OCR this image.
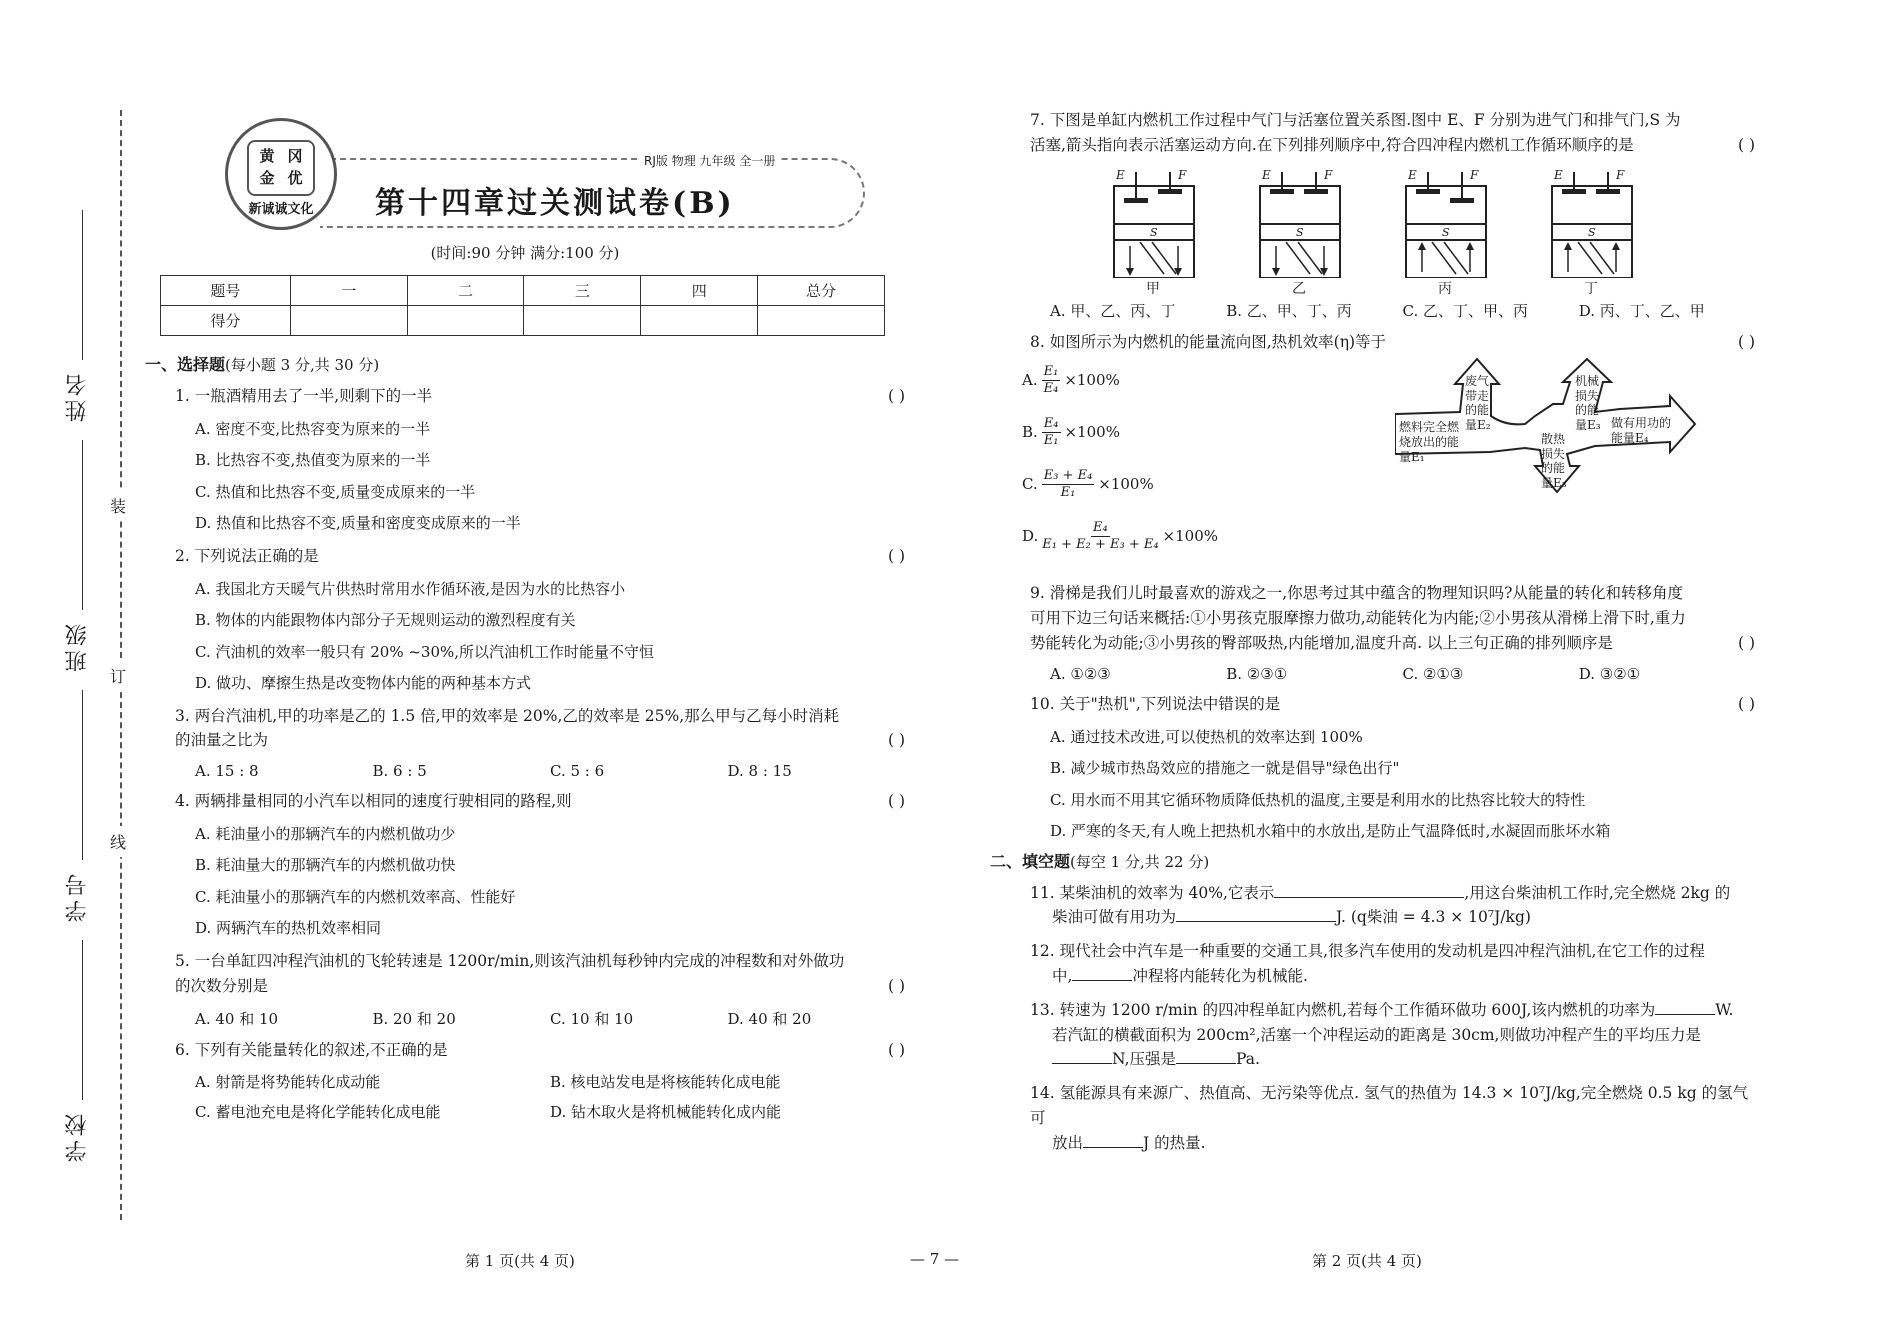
姓名
班级
学号
学校
装
订
线
黄 冈
金 优
新诚诚文化
RJ版 物理 九年级 全一册
第十四章过关测试卷(B)
(时间:90 分钟 满分:100 分)
题号	一	二	三	四	总分
得分					
一、选择题(每小题 3 分,共 30 分)
1. 一瓶酒精用去了一半,则剩下的一半	( )
A. 密度不变,比热容变为原来的一半
B. 比热容不变,热值变为原来的一半
C. 热值和比热容不变,质量变成原来的一半
D. 热值和比热容不变,质量和密度变成原来的一半
2. 下列说法正确的是	( )
A. 我国北方天暖气片供热时常用水作循环液,是因为水的比热容小
B. 物体的内能跟物体内部分子无规则运动的激烈程度有关
C. 汽油机的效率一般只有 20% ~30%,所以汽油机工作时能量不守恒
D. 做功、摩擦生热是改变物体内能的两种基本方式
3. 两台汽油机,甲的功率是乙的 1.5 倍,甲的效率是 20%,乙的效率是 25%,那么甲与乙每小时消耗的油量之比为	( )
A. 15 : 8	B. 6 : 5	C. 5 : 6	D. 8 : 15
4. 两辆排量相同的小汽车以相同的速度行驶相同的路程,则	( )
A. 耗油量小的那辆汽车的内燃机做功少
B. 耗油量大的那辆汽车的内燃机做功快
C. 耗油量小的那辆汽车的内燃机效率高、性能好
D. 两辆汽车的热机效率相同
5. 一台单缸四冲程汽油机的飞轮转速是 1200r/min,则该汽油机每秒钟内完成的冲程数和对外做功的次数分别是	( )
A. 40 和 10	B. 20 和 20	C. 10 和 10	D. 40 和 20
6. 下列有关能量转化的叙述,不正确的是	( )
A. 射箭是将势能转化成动能	B. 核电站发电是将核能转化成电能
C. 蓄电池充电是将化学能转化成电能	D. 钻木取火是将机械能转化成内能
第 1 页(共 4 页)	— 7 —	第 2 页(共 4 页)
7. 下图是单缸内燃机工作过程中气门与活塞位置关系图.图中 E、F 分别为进气门和排气门,S 为活塞,箭头指向表示活塞运动方向.在下列排列顺序中,符合四冲程内燃机工作循环顺序的是	( )
E	F
S
甲
E	F
S
乙
E	F
S
丙
E	F
S
丁
A. 甲、乙、丙、丁	B. 乙、甲、丁、丙	C. 乙、丁、甲、丙	D. 丙、丁、乙、甲
8. 如图所示为内燃机的能量流向图,热机效率(η)等于	( )
A. $\frac{\text{E₁}}{\text{E₄}} \times 100\%$
B. $\frac{\text{E₄}}{\text{E₁}} \times 100\%$
C. $\frac{\text{E₃ + E₄}}{\text{E₁}} \times 100\%$
D. $\frac{\text{E₄}}{\text{E₁ + E₂ + E₃ + E₄}} \times 100\%$
燃料完全燃烧放出的能量E₁
废气带走的能量E₂
散热损失的能量E₃
机械损失的能量E₃ 做有用功的能量E₄
9. 滑梯是我们儿时最喜欢的游戏之一,你思考过其中蕴含的物理知识吗?从能量的转化和转移角度可用下边三句话来概括:①小男孩克服摩擦力做功,动能转化为内能;②小男孩从滑梯上滑下时,重力势能转化为动能;③小男孩的臀部吸热,内能增加,温度升高. 以上三句正确的排列顺序是	( )
A. ①②③	B. ②③①	C. ②①③	D. ③②①
10. 关于"热机",下列说法中错误的是	( )
A. 通过技术改进,可以使热机的效率达到 100%
B. 减少城市热岛效应的措施之一就是倡导"绿色出行"
C. 用水而不用其它循环物质降低热机的温度,主要是利用水的比热容比较大的特性
D. 严寒的冬天,有人晚上把热机水箱中的水放出,是防止气温降低时,水凝固而胀坏水箱
二、填空题(每空 1 分,共 22 分)
11. 某柴油机的效率为 40%,它表示	,用这台柴油机工作时,完全燃烧 2kg 的
柴油可做有用功为	J. (q柴油 = 4.3 × 10⁷J/kg)
12. 现代社会中汽车是一种重要的交通工具,很多汽车使用的发动机是四冲程汽油机,在它工作的过程
中,	冲程将内能转化为机械能.
13. 转速为 1200 r/min 的四冲程单缸内燃机,若每个工作循环做功 600J,该内燃机的功率为	W.
若汽缸的横截面积为 200cm²,活塞一个冲程运动的距离是 30cm,则做功冲程产生的平均压力是
N,压强是	Pa.
14. 氢能源具有来源广、热值高、无污染等优点. 氢气的热值为 14.3 × 10⁷J/kg,完全燃烧 0.5 kg 的氢气可
放出	J 的热量.
